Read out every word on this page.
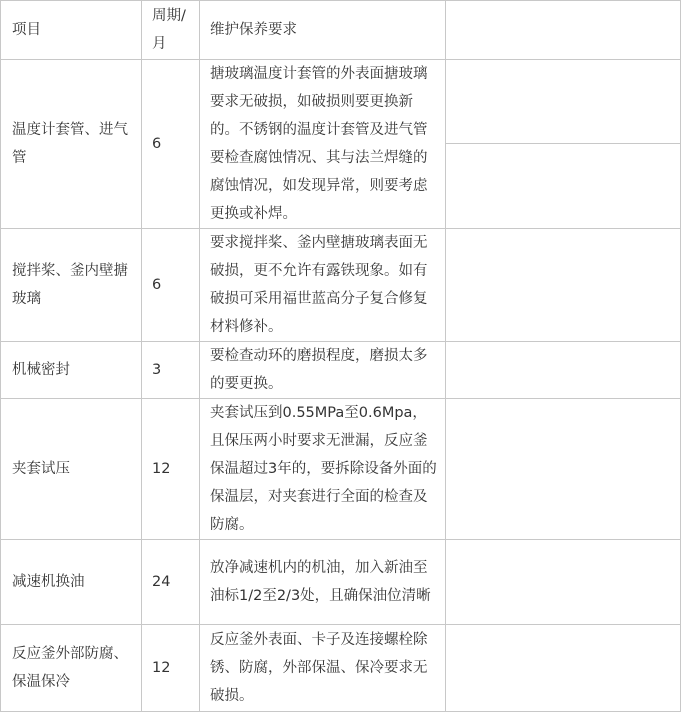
项目	周期/月	维护保养要求	
温度计套管、进气管	6	搪玻璃温度计套管的外表面搪玻璃要求无破损，如破损则要更换新的。不锈钢的温度计套管及进气管要检查腐蚀情况、其与法兰焊缝的腐蚀情况，如发现异常，则要考虑更换或补焊。	

搅拌桨、釜内壁搪玻璃	6	要求搅拌桨、釜内壁搪玻璃表面无破损，更不允许有露铁现象。如有破损可采用福世蓝高分子复合修复材料修补。	
机械密封	3	要检查动环的磨损程度，磨损太多的要更换。	
夹套试压	12	夹套试压到0.55MPa至0.6Mpa，且保压两小时要求无泄漏，反应釜保温超过3年的，要拆除设备外面的保温层，对夹套进行全面的检查及防腐。	
减速机换油	24	放净减速机内的机油，加入新油至油标1/2至2/3处，且确保油位清晰	
反应釜外部防腐、保温保冷	12	反应釜外表面、卡子及连接螺栓除锈、防腐，外部保温、保冷要求无破损。	
